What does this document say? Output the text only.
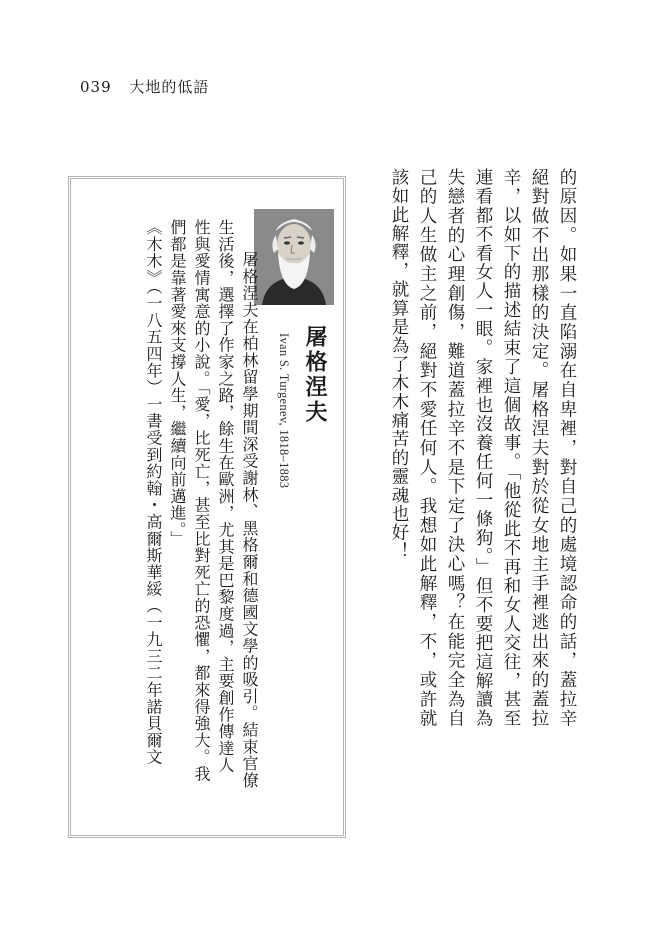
039 大地的低語

的原因。如果一直陷溺在自卑裡，對自己的處境認命的話，蓋拉辛絕對做不出那樣的決定。屠格涅夫對於從女地主手裡逃出來的蓋拉辛，以如下的描述結束了這個故事。「他從此不再和女人交往，甚至連看都不看女人一眼。家裡也沒養任何一條狗。」但不要把這解讀為失戀者的心理創傷，難道蓋拉辛不是下定了決心嗎？在能完全為自己的人生做主之前，絕對不愛任何人。我想如此解釋，不，或許就該如此解釋，就算是為了木木痛苦的靈魂也好！

屠格涅夫
Ivan S. Turgenev, 1818–1883

屠格涅夫在柏林留學期間深受謝林、黑格爾和德國文學的吸引。結束官僚生活後，選擇了作家之路，餘生在歐洲，尤其是巴黎度過，主要創作傳達人性與愛情寓意的小說。「愛，比死亡，甚至比對死亡的恐懼，都來得強大。我們都是靠著愛來支撐人生，繼續向前邁進。」

《木木》（一八五四年）一書受到約翰・高爾斯華綏（一九三二年諾貝爾文
